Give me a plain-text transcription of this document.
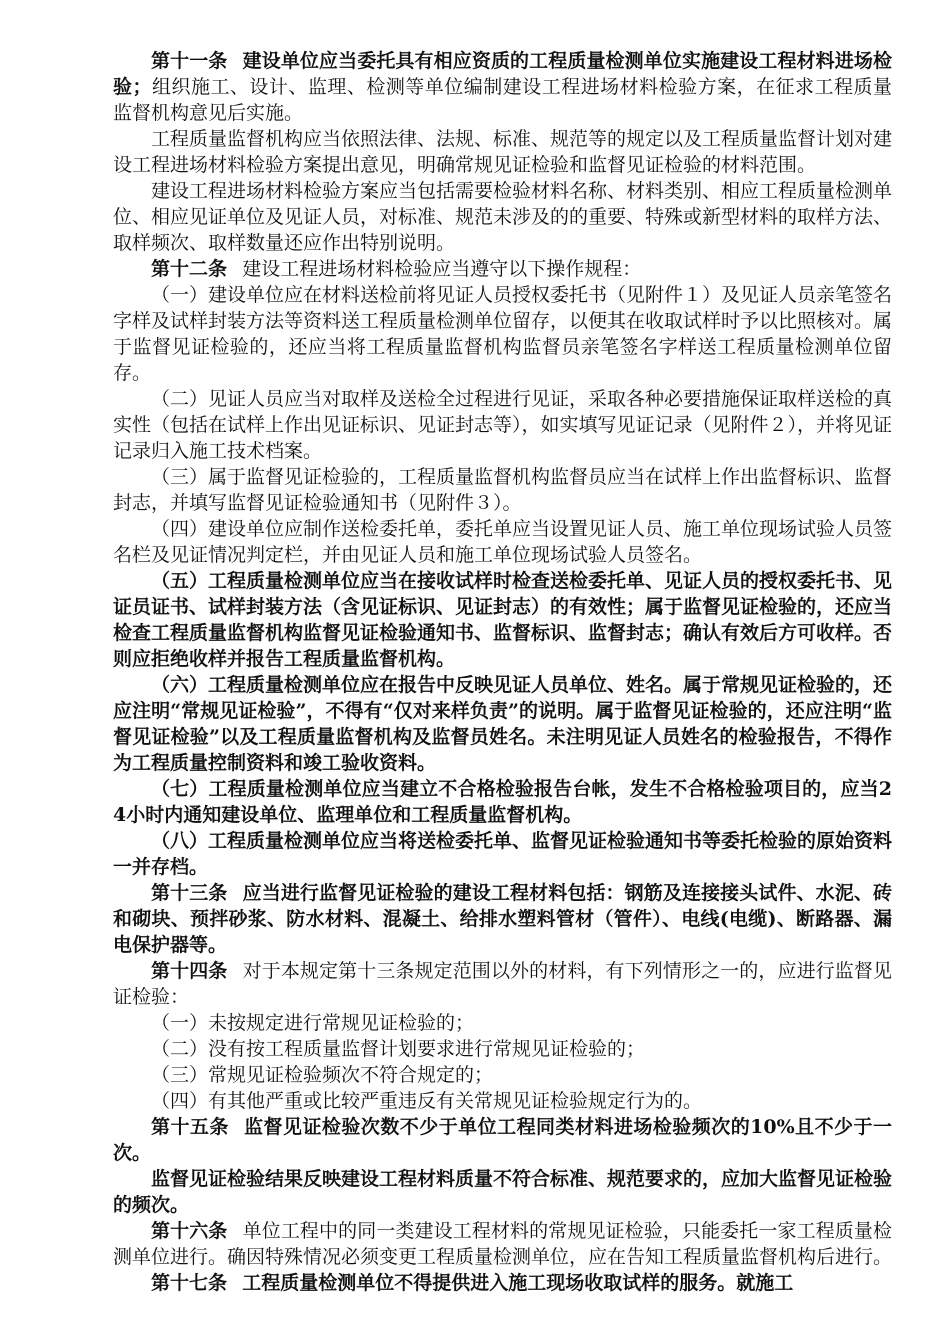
第十一条 建设单位应当委托具有相应资质的工程质量检测单位实施建设工程材料进场检验；组织施工、设计、监理、检测等单位编制建设工程进场材料检验方案，在征求工程质量监督机构意见后实施。

工程质量监督机构应当依照法律、法规、标准、规范等的规定以及工程质量监督计划对建设工程进场材料检验方案提出意见，明确常规见证检验和监督见证检验的材料范围。

建设工程进场材料检验方案应当包括需要检验材料名称、材料类别、相应工程质量检测单位、相应见证单位及见证人员，对标准、规范未涉及的的重要、特殊或新型材料的取样方法、取样频次、取样数量还应作出特别说明。

第十二条 建设工程进场材料检验应当遵守以下操作规程：

（一）建设单位应在材料送检前将见证人员授权委托书（见附件１）及见证人员亲笔签名字样及试样封装方法等资料送工程质量检测单位留存，以便其在收取试样时予以比照核对。属于监督见证检验的，还应当将工程质量监督机构监督员亲笔签名字样送工程质量检测单位留存。

（二）见证人员应当对取样及送检全过程进行见证，采取各种必要措施保证取样送检的真实性（包括在试样上作出见证标识、见证封志等），如实填写见证记录（见附件２），并将见证记录归入施工技术档案。

（三）属于监督见证检验的，工程质量监督机构监督员应当在试样上作出监督标识、监督封志，并填写监督见证检验通知书（见附件３）。

（四）建设单位应制作送检委托单，委托单应当设置见证人员、施工单位现场试验人员签名栏及见证情况判定栏，并由见证人员和施工单位现场试验人员签名。

（五）工程质量检测单位应当在接收试样时检查送检委托单、见证人员的授权委托书、见证员证书、试样封装方法（含见证标识、见证封志）的有效性；属于监督见证检验的，还应当检查工程质量监督机构监督见证检验通知书、监督标识、监督封志；确认有效后方可收样。否则应拒绝收样并报告工程质量监督机构。

（六）工程质量检测单位应在报告中反映见证人员单位、姓名。属于常规见证检验的，还应注明“常规见证检验”，不得有“仅对来样负责”的说明。属于监督见证检验的，还应注明“监督见证检验”以及工程质量监督机构及监督员姓名。未注明见证人员姓名的检验报告，不得作为工程质量控制资料和竣工验收资料。

（七）工程质量检测单位应当建立不合格检验报告台帐，发生不合格检验项目的，应当24小时内通知建设单位、监理单位和工程质量监督机构。

（八）工程质量检测单位应当将送检委托单、监督见证检验通知书等委托检验的原始资料一并存档。

第十三条 应当进行监督见证检验的建设工程材料包括：钢筋及连接接头试件、水泥、砖和砌块、预拌砂浆、防水材料、混凝土、给排水塑料管材（管件）、电线(电缆)、断路器、漏电保护器等。

第十四条 对于本规定第十三条规定范围以外的材料，有下列情形之一的，应进行监督见证检验：

（一）未按规定进行常规见证检验的；

（二）没有按工程质量监督计划要求进行常规见证检验的；

（三）常规见证检验频次不符合规定的；

（四）有其他严重或比较严重违反有关常规见证检验规定行为的。

第十五条 监督见证检验次数不少于单位工程同类材料进场检验频次的10%且不少于一次。

监督见证检验结果反映建设工程材料质量不符合标准、规范要求的，应加大监督见证检验的频次。

第十六条 单位工程中的同一类建设工程材料的常规见证检验，只能委托一家工程质量检测单位进行。确因特殊情况必须变更工程质量检测单位，应在告知工程质量监督机构后进行。

第十七条 工程质量检测单位不得提供进入施工现场收取试样的服务。就施工
